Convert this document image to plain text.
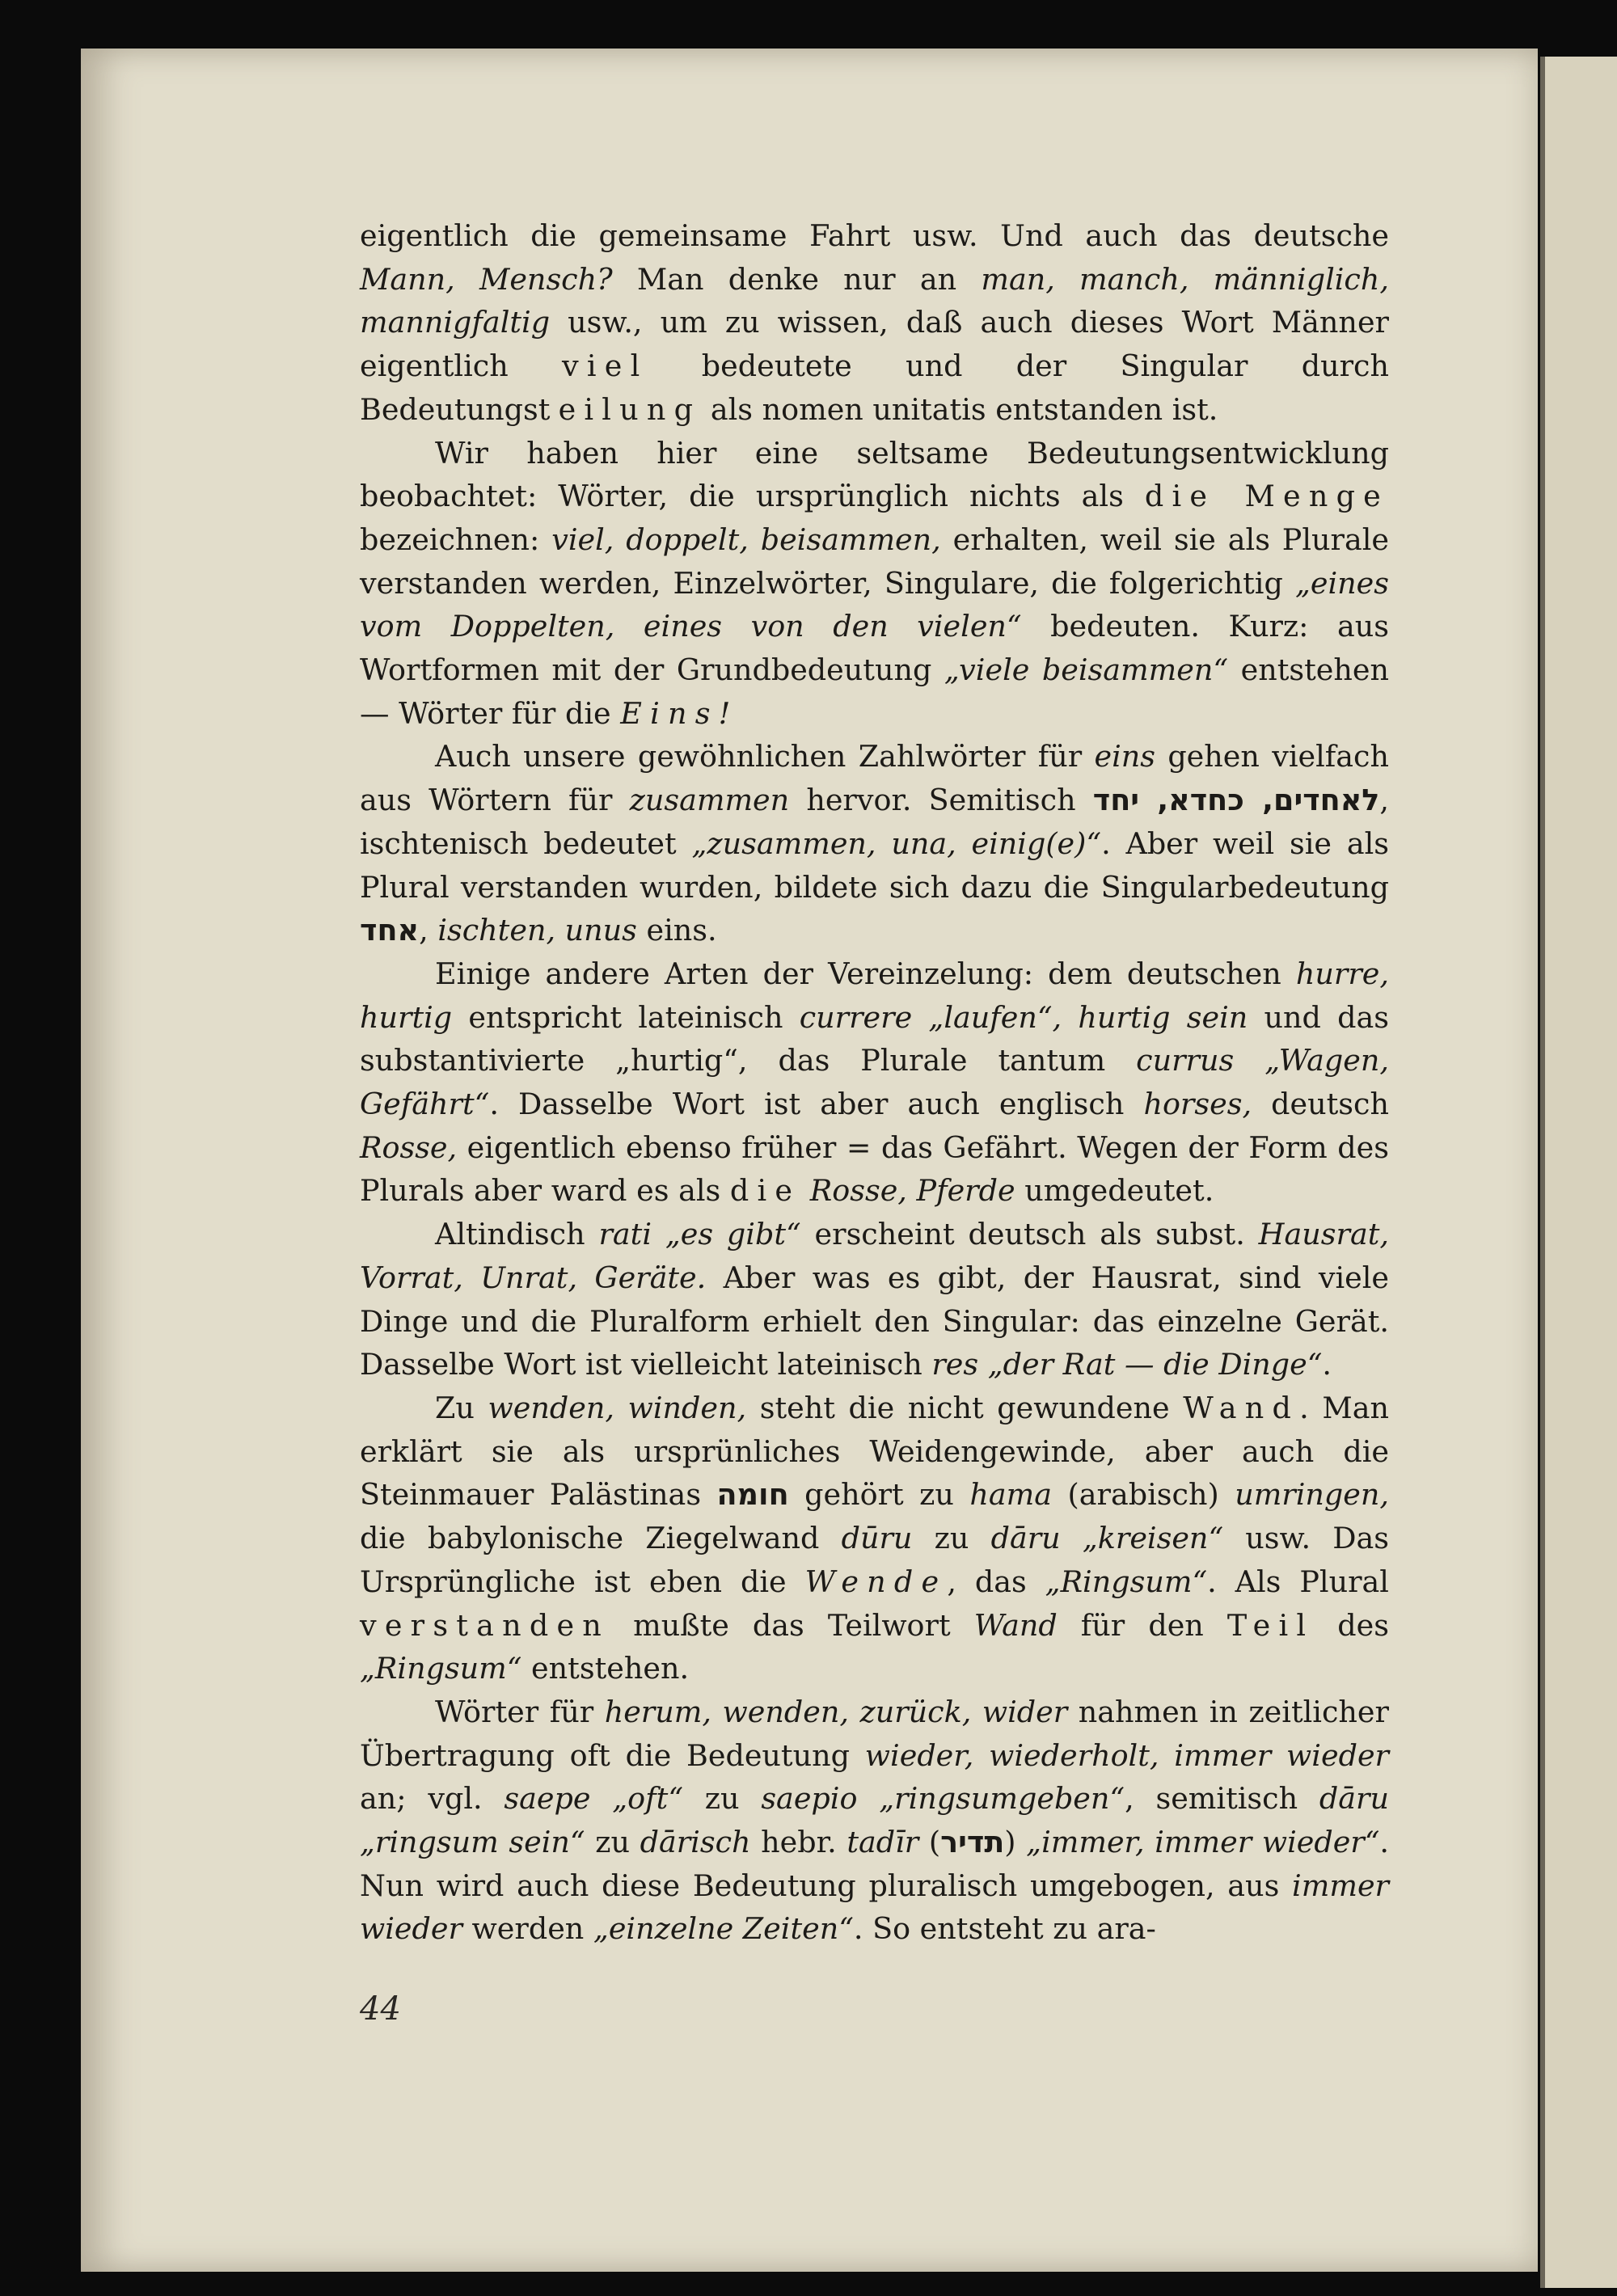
eigentlich die gemeinsame Fahrt usw. Und auch das deutsche Mann, Mensch? Man denke nur an man, manch, männiglich, mannigfaltig usw., um zu wissen, daß auch dieses Wort Männer eigentlich viel bedeutete und der Singular durch Bedeutungsteilung als nomen unitatis entstanden ist.

Wir haben hier eine seltsame Bedeutungsentwicklung beobachtet: Wörter, die ursprünglich nichts als die Menge bezeichnen: viel, doppelt, beisammen, erhalten, weil sie als Plurale verstanden werden, Einzelwörter, Singulare, die folgerichtig „eines vom Doppelten, eines von den vielen“ bedeuten. Kurz: aus Wortformen mit der Grundbedeutung „viele beisammen“ entstehen — Wörter für die Eins!

Auch unsere gewöhnlichen Zahlwörter für eins gehen vielfach aus Wörtern für zusammen hervor. Semitisch לאחדים, כחדא, יחד, ischtenisch bedeutet „zusammen, una, einig(e)“. Aber weil sie als Plural verstanden wurden, bildete sich dazu die Singularbedeutung אחד, ischten, unus eins.

Einige andere Arten der Vereinzelung: dem deutschen hurre, hurtig entspricht lateinisch currere „laufen“, hurtig sein und das substantivierte „hurtig“, das Plurale tantum currus „Wagen, Gefährt“. Dasselbe Wort ist aber auch englisch horses, deutsch Rosse, eigentlich ebenso früher = das Gefährt. Wegen der Form des Plurals aber ward es als die Rosse, Pferde umgedeutet.

Altindisch rati „es gibt“ erscheint deutsch als subst. Hausrat, Vorrat, Unrat, Geräte. Aber was es gibt, der Hausrat, sind viele Dinge und die Pluralform erhielt den Singular: das einzelne Gerät. Dasselbe Wort ist vielleicht lateinisch res „der Rat — die Dinge“.

Zu wenden, winden, steht die nicht gewundene Wand. Man erklärt sie als ursprünliches Weidengewinde, aber auch die Steinmauer Palästinas חומה gehört zu hama (arabisch) umringen, die babylonische Ziegelwand dūru zu dāru „kreisen“ usw. Das Ursprüngliche ist eben die Wende, das „Ringsum“. Als Plural verstanden mußte das Teilwort Wand für den Teil des „Ringsum“ entstehen.

Wörter für herum, wenden, zurück, wider nahmen in zeitlicher Übertragung oft die Bedeutung wieder, wiederholt, immer wieder an; vgl. saepe „oft“ zu saepio „ringsumgeben“, semitisch dāru „ringsum sein“ zu dārisch hebr. tadīr (תדיר) „immer, immer wieder“. Nun wird auch diese Bedeutung pluralisch umgebogen, aus immer wieder werden „einzelne Zeiten“. So entsteht zu ara-

44
